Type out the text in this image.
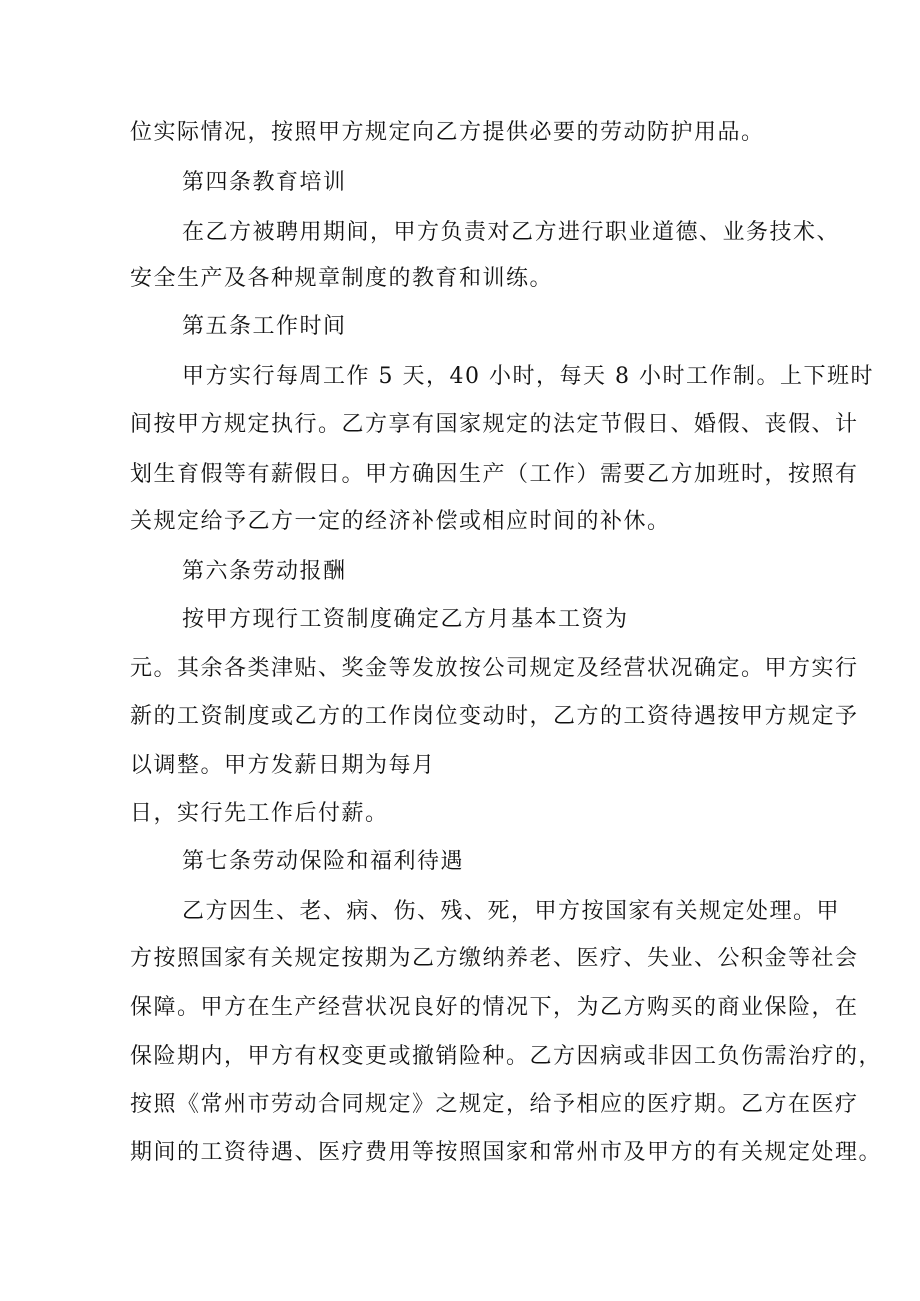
位实际情况，按照甲方规定向乙方提供必要的劳动防护用品。
第四条教育培训
在乙方被聘用期间，甲方负责对乙方进行职业道德、业务技术、
安全生产及各种规章制度的教育和训练。
第五条工作时间
甲方实行每周工作 5 天，40 小时，每天 8 小时工作制。上下班时
间按甲方规定执行。乙方享有国家规定的法定节假日、婚假、丧假、计
划生育假等有薪假日。甲方确因生产（工作）需要乙方加班时，按照有
关规定给予乙方一定的经济补偿或相应时间的补休。
第六条劳动报酬
按甲方现行工资制度确定乙方月基本工资为
元。其余各类津贴、奖金等发放按公司规定及经营状况确定。甲方实行
新的工资制度或乙方的工作岗位变动时，乙方的工资待遇按甲方规定予
以调整。甲方发薪日期为每月
日，实行先工作后付薪。
第七条劳动保险和福利待遇
乙方因生、老、病、伤、残、死，甲方按国家有关规定处理。甲
方按照国家有关规定按期为乙方缴纳养老、医疗、失业、公积金等社会
保障。甲方在生产经营状况良好的情况下，为乙方购买的商业保险，在
保险期内，甲方有权变更或撤销险种。乙方因病或非因工负伤需治疗的，
按照《常州市劳动合同规定》之规定，给予相应的医疗期。乙方在医疗
期间的工资待遇、医疗费用等按照国家和常州市及甲方的有关规定处理。
